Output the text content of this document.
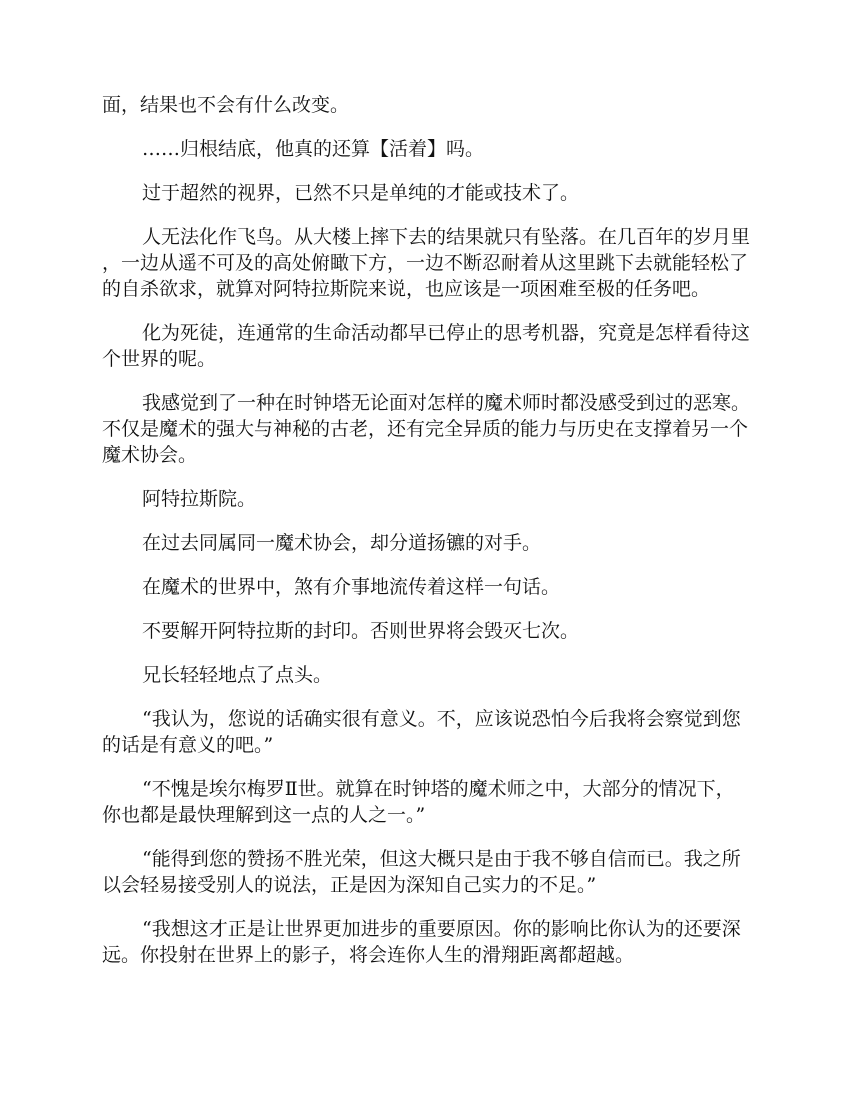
面，结果也不会有什么改变。

……归根结底，他真的还算【活着】吗。

过于超然的视界，已然不只是单纯的才能或技术了。

人无法化作飞鸟。从大楼上摔下去的结果就只有坠落。在几百年的岁月里，一边从遥不可及的高处俯瞰下方，一边不断忍耐着从这里跳下去就能轻松了的自杀欲求，就算对阿特拉斯院来说，也应该是一项困难至极的任务吧。

化为死徒，连通常的生命活动都早已停止的思考机器，究竟是怎样看待这个世界的呢。

我感觉到了一种在时钟塔无论面对怎样的魔术师时都没感受到过的恶寒。不仅是魔术的强大与神秘的古老，还有完全异质的能力与历史在支撑着另一个魔术协会。

阿特拉斯院。

在过去同属同一魔术协会，却分道扬镳的对手。

在魔术的世界中，煞有介事地流传着这样一句话。

不要解开阿特拉斯的封印。否则世界将会毁灭七次。

兄长轻轻地点了点头。

“我认为，您说的话确实很有意义。不，应该说恐怕今后我将会察觉到您的话是有意义的吧。”

“不愧是埃尔梅罗Ⅱ世。就算在时钟塔的魔术师之中，大部分的情况下，你也都是最快理解到这一点的人之一。”

“能得到您的赞扬不胜光荣，但这大概只是由于我不够自信而已。我之所以会轻易接受别人的说法，正是因为深知自己实力的不足。”

“我想这才正是让世界更加进步的重要原因。你的影响比你认为的还要深远。你投射在世界上的影子，将会连你人生的滑翔距离都超越。
